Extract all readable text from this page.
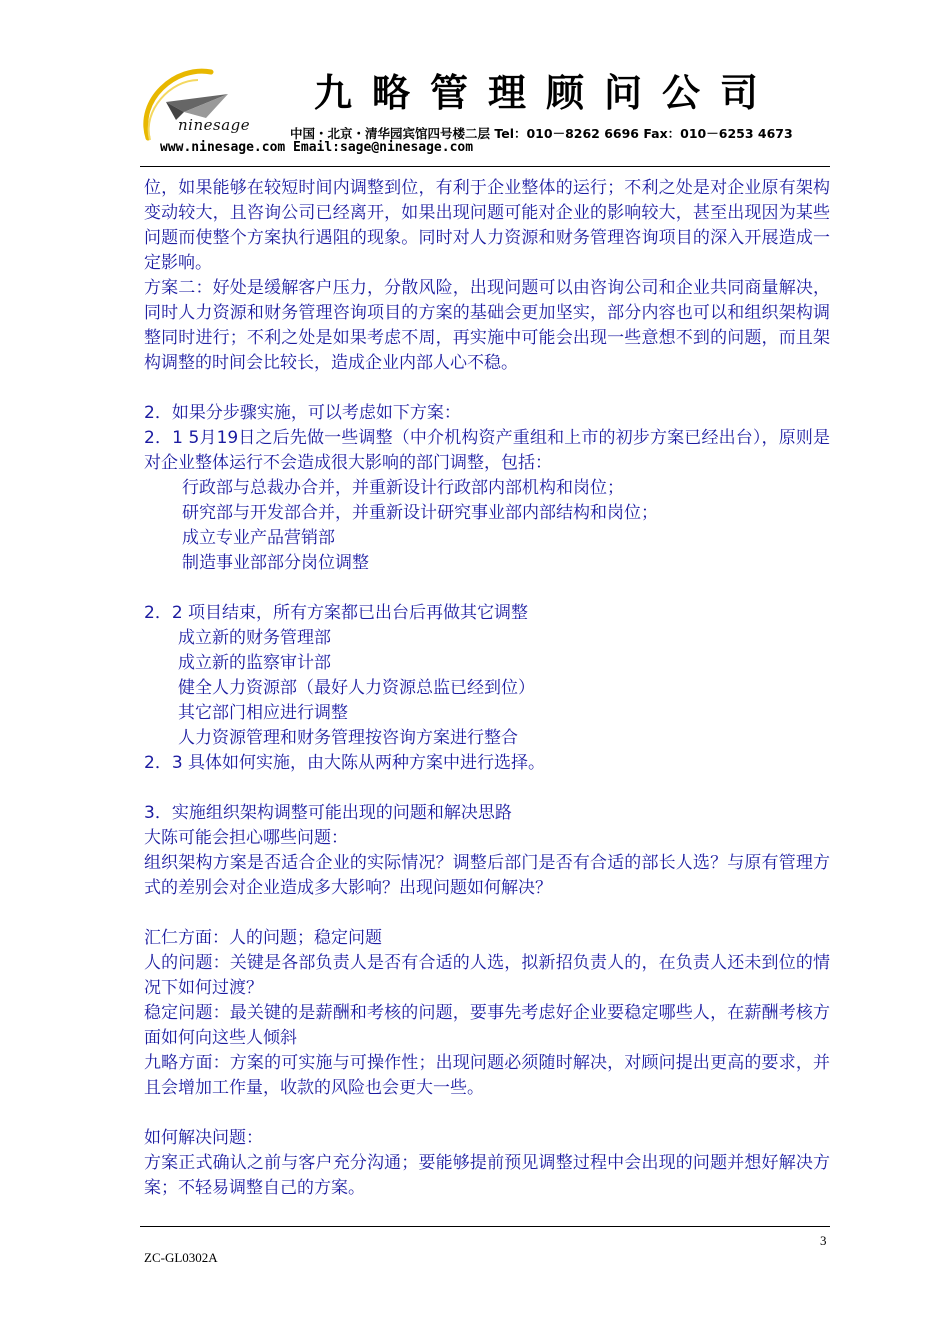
ninesage
九略管理顾问公司
中国・北京・清华园宾馆四号楼二层 Tel：010－8262 6696 Fax：010－6253 4673
www.ninesage.com Email:sage@ninesage.com

位，如果能够在较短时间内调整到位，有利于企业整体的运行；不利之处是对企业原有架构变动较大，且咨询公司已经离开，如果出现问题可能对企业的影响较大，甚至出现因为某些问题而使整个方案执行遇阻的现象。同时对人力资源和财务管理咨询项目的深入开展造成一定影响。

方案二：好处是缓解客户压力，分散风险，出现问题可以由咨询公司和企业共同商量解决，同时人力资源和财务管理咨询项目的方案的基础会更加坚实，部分内容也可以和组织架构调整同时进行；不利之处是如果考虑不周，再实施中可能会出现一些意想不到的问题，而且架构调整的时间会比较长，造成企业内部人心不稳。

2．如果分步骤实施，可以考虑如下方案：

2．1 5月19日之后先做一些调整（中介机构资产重组和上市的初步方案已经出台），原则是对企业整体运行不会造成很大影响的部门调整，包括：

行政部与总裁办合并，并重新设计行政部内部机构和岗位；

研究部与开发部合并，并重新设计研究事业部内部结构和岗位；

成立专业产品营销部

制造事业部部分岗位调整

2．2 项目结束，所有方案都已出台后再做其它调整

成立新的财务管理部

成立新的监察审计部

健全人力资源部（最好人力资源总监已经到位）

其它部门相应进行调整

人力资源管理和财务管理按咨询方案进行整合

2．3 具体如何实施，由大陈从两种方案中进行选择。

3．实施组织架构调整可能出现的问题和解决思路

大陈可能会担心哪些问题：

组织架构方案是否适合企业的实际情况？调整后部门是否有合适的部长人选？与原有管理方式的差别会对企业造成多大影响？出现问题如何解决？

汇仁方面：人的问题；稳定问题

人的问题：关键是各部负责人是否有合适的人选，拟新招负责人的，在负责人还未到位的情况下如何过渡？

稳定问题：最关键的是薪酬和考核的问题，要事先考虑好企业要稳定哪些人，在薪酬考核方面如何向这些人倾斜

九略方面：方案的可实施与可操作性；出现问题必须随时解决，对顾问提出更高的要求，并且会增加工作量，收款的风险也会更大一些。

如何解决问题：

方案正式确认之前与客户充分沟通；要能够提前预见调整过程中会出现的问题并想好解决方案；不轻易调整自己的方案。

3
ZC-GL0302A
